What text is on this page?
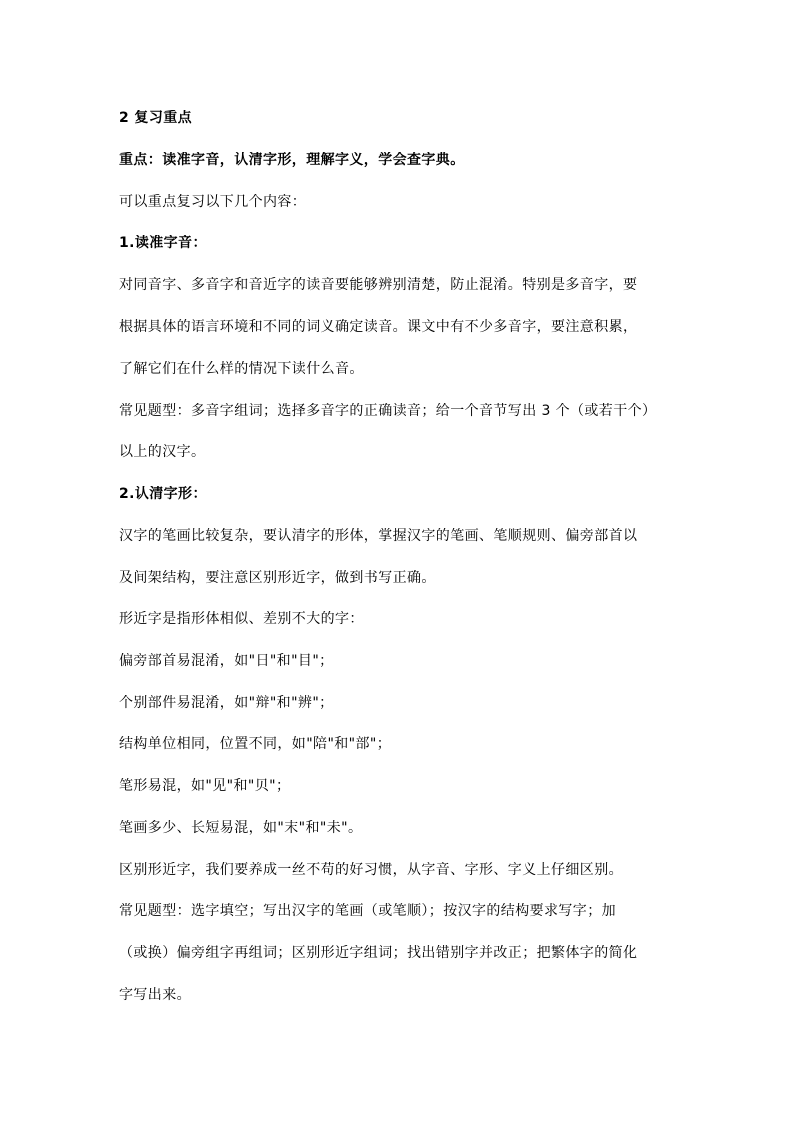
2 复习重点
重点：读准字音，认清字形，理解字义，学会查字典。
可以重点复习以下几个内容：
1.读准字音：
对同音字、多音字和音近字的读音要能够辨别清楚，防止混淆。特别是多音字，要
根据具体的语言环境和不同的词义确定读音。课文中有不少多音字，要注意积累，
了解它们在什么样的情况下读什么音。
常见题型：多音字组词；选择多音字的正确读音；给一个音节写出 3 个（或若干个）
以上的汉字。
2.认清字形：
汉字的笔画比较复杂，要认清字的形体，掌握汉字的笔画、笔顺规则、偏旁部首以
及间架结构，要注意区别形近字，做到书写正确。
形近字是指形体相似、差别不大的字：
偏旁部首易混淆，如"日"和"目"；
个别部件易混淆，如"辩"和"辨"；
结构单位相同，位置不同，如"陪"和"部"；
笔形易混，如"见"和"贝"；
笔画多少、长短易混，如"末"和"未"。
区别形近字，我们要养成一丝不苟的好习惯，从字音、字形、字义上仔细区别。
常见题型：选字填空；写出汉字的笔画（或笔顺）；按汉字的结构要求写字；加
（或换）偏旁组字再组词；区别形近字组词；找出错别字并改正；把繁体字的简化
字写出来。
